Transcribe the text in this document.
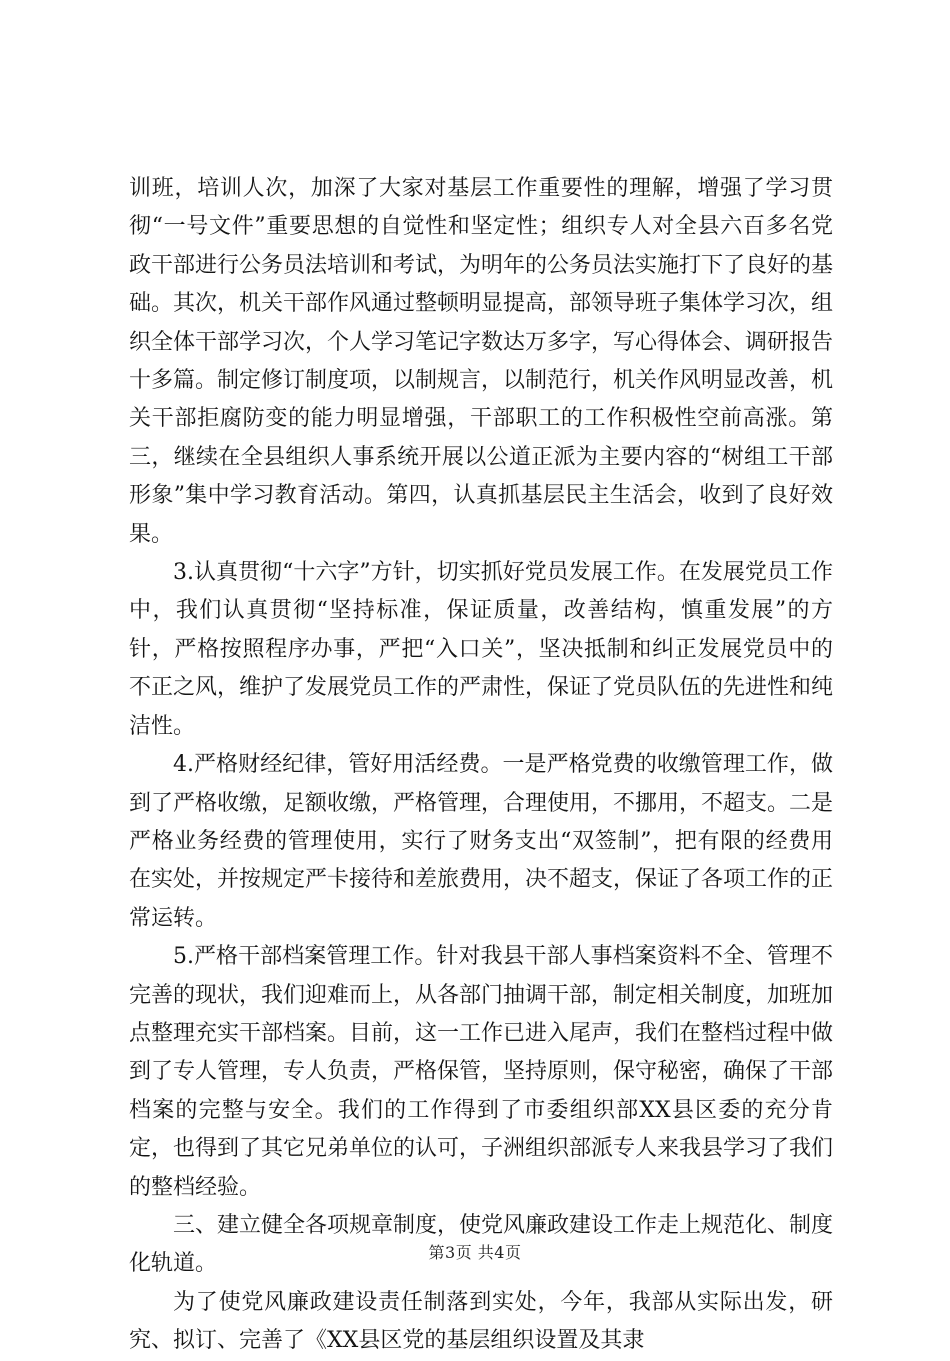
训班，培训人次，加深了大家对基层工作重要性的理解，增强了学习贯彻“一号文件”重要思想的自觉性和坚定性；组织专人对全县六百多名党政干部进行公务员法培训和考试，为明年的公务员法实施打下了良好的基础。其次，机关干部作风通过整顿明显提高，部领导班子集体学习次，组织全体干部学习次，个人学习笔记字数达万多字，写心得体会、调研报告十多篇。制定修订制度项，以制规言，以制范行，机关作风明显改善，机关干部拒腐防变的能力明显增强，干部职工的工作积极性空前高涨。第三，继续在全县组织人事系统开展以公道正派为主要内容的“树组工干部形象”集中学习教育活动。第四，认真抓基层民主生活会，收到了良好效果。

3.认真贯彻“十六字”方针，切实抓好党员发展工作。在发展党员工作中，我们认真贯彻“坚持标准，保证质量，改善结构，慎重发展”的方针，严格按照程序办事，严把“入口关”，坚决抵制和纠正发展党员中的不正之风，维护了发展党员工作的严肃性，保证了党员队伍的先进性和纯洁性。

4.严格财经纪律，管好用活经费。一是严格党费的收缴管理工作，做到了严格收缴，足额收缴，严格管理，合理使用，不挪用，不超支。二是严格业务经费的管理使用，实行了财务支出“双签制”，把有限的经费用在实处，并按规定严卡接待和差旅费用，决不超支，保证了各项工作的正常运转。

5.严格干部档案管理工作。针对我县干部人事档案资料不全、管理不完善的现状，我们迎难而上，从各部门抽调干部，制定相关制度，加班加点整理充实干部档案。目前，这一工作已进入尾声，我们在整档过程中做到了专人管理，专人负责，严格保管，坚持原则，保守秘密，确保了干部档案的完整与安全。我们的工作得到了市委组织部XX县区委的充分肯定，也得到了其它兄弟单位的认可，子洲组织部派专人来我县学习了我们的整档经验。

三、建立健全各项规章制度，使党风廉政建设工作走上规范化、制度化轨道。

为了使党风廉政建设责任制落到实处，今年，我部从实际出发，研究、拟订、完善了《XX县区党的基层组织设置及其隶

第3页 共4页
